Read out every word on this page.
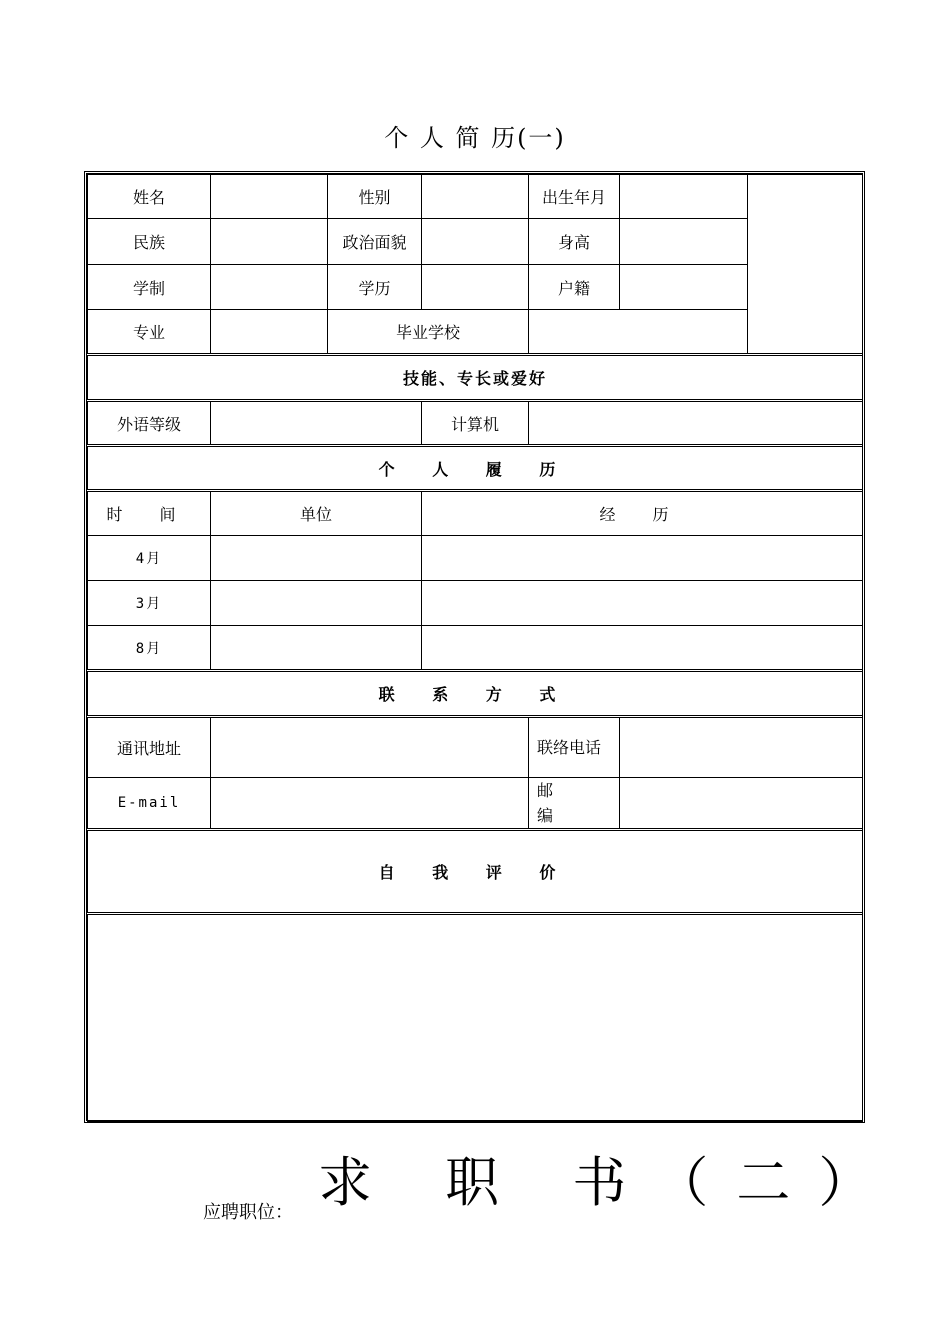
个 人 简 历(一)
姓名		性别		出生年月		
民族		政治面貌		身高		
学制		学历		户籍		
专业		毕业学校				
技能、专长或爱好						
外语等级			计算机			
个 人 履 历						
时 间	单位		经 历			
4月						
3月						
8月						
联 系 方 式						
通讯地址				联络电话		
E-mail				邮编		
自 我 评 价						

求 职 书（二）
应聘职位：
